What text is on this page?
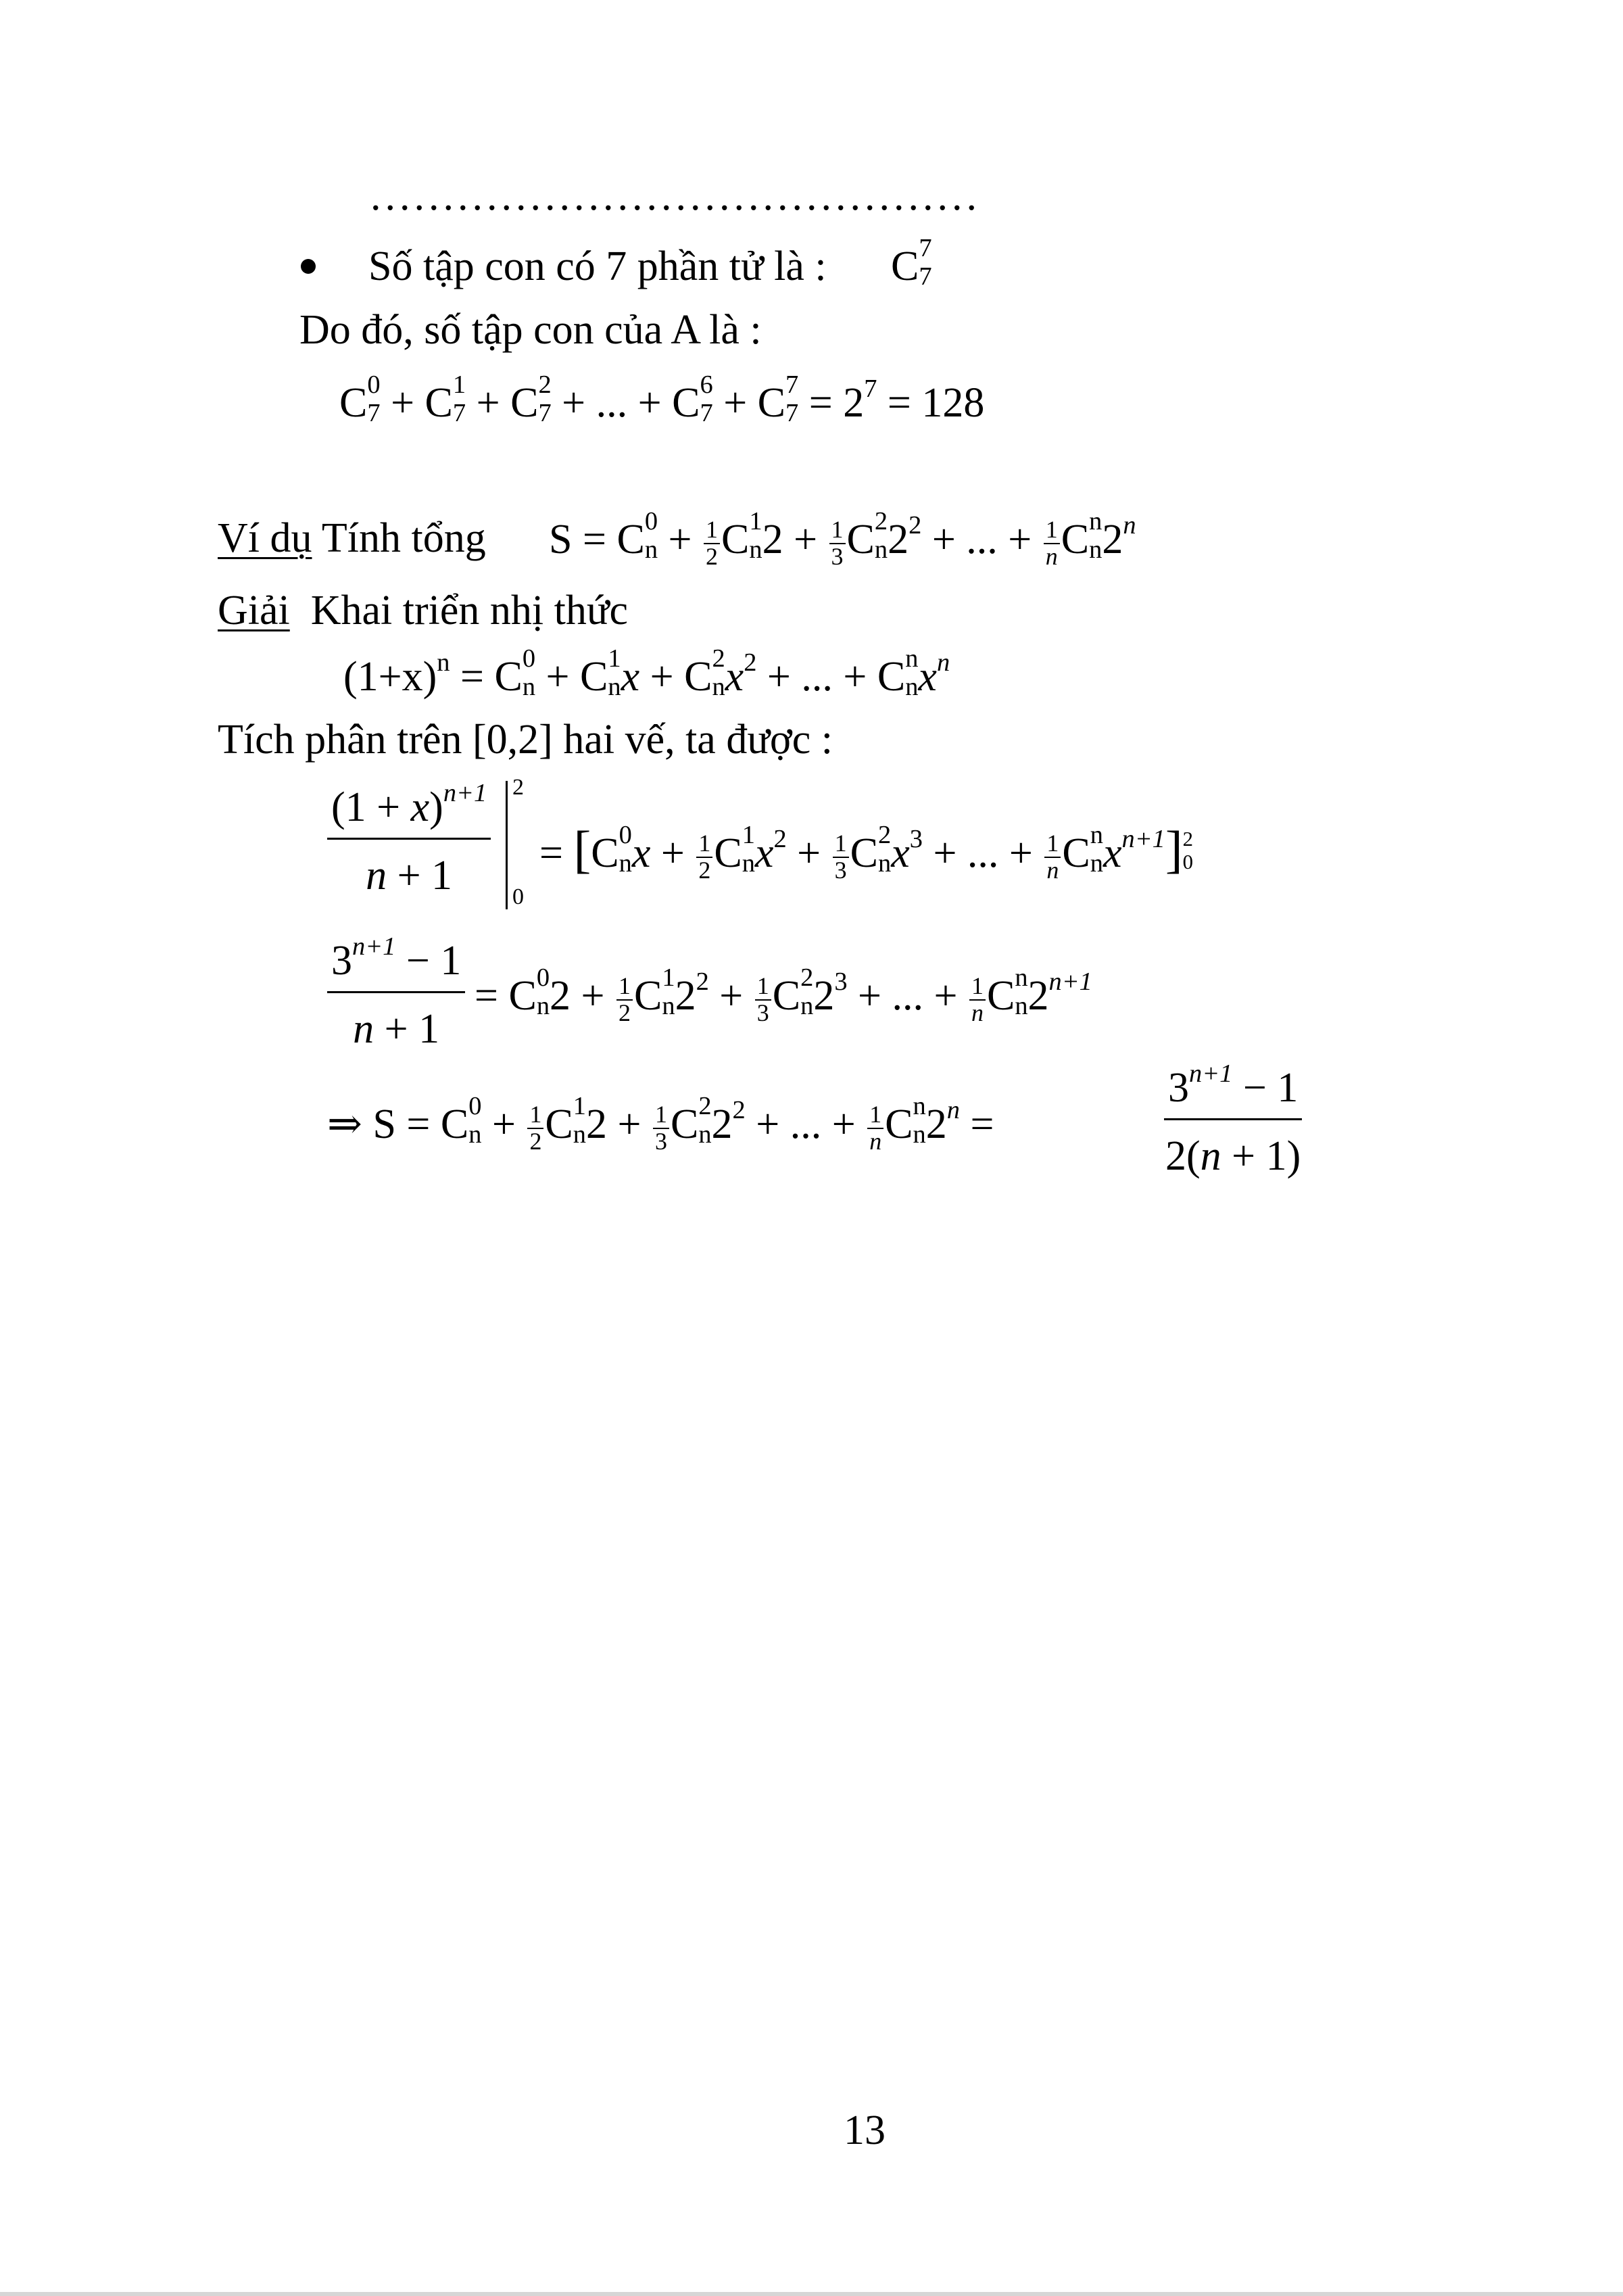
..........................................
Số tập con có 7 phần tử là : C 7
7
Do đó, số tập con của A là :
C 0
7 + C 1
7 + C 2
7 + ... + C 6
7 + C 7
$7 = 2^7 = 128$
Ví dụ Tính tổng S = C 0
$n + \frac{1}{2}$ C 1
n $2 + \frac{1}{3}$ C 2
n $2^2$ + ... + $\frac{1}{n}$ C n
n 2$^n$
Giải Khai triển nhị thức
$(1+x)^n = C$ 0
n + C 1
n x + C 2
n $x^2$ + ... + C n
n $x^n$
Tích phân trên [0,2] hai vế, ta được :
$\frac{(1 + x)^{n+1}}{n + 1} 2$
0
= [C 0
n $x + \frac{1}{2}$ C 1
n $x^2 + \frac{1}{3}$ C 2
n $x^3$ + ... + $\frac{1}{n}$ C n
n $x^{n+1}$] 2
0
$\frac{3^{n+1} - 1}{n + 1} = C$ 0
n $2 + \frac{1}{2}$ C 1
n $2^2 + \frac{1}{3}$ C 2
n $2^3$ + ... + $\frac{1}{n}$ C n
n $2^{n+1}$
⇒ S = C 0
$n + \frac{1}{2}$ C 1
n $2 + \frac{1}{3}$ C 2
n $2^2$ + ... + $\frac{1}{n}$ C n
n $2^n$ =	$\frac{3^{n+1} - 1}{2(n + 1)}$
13
